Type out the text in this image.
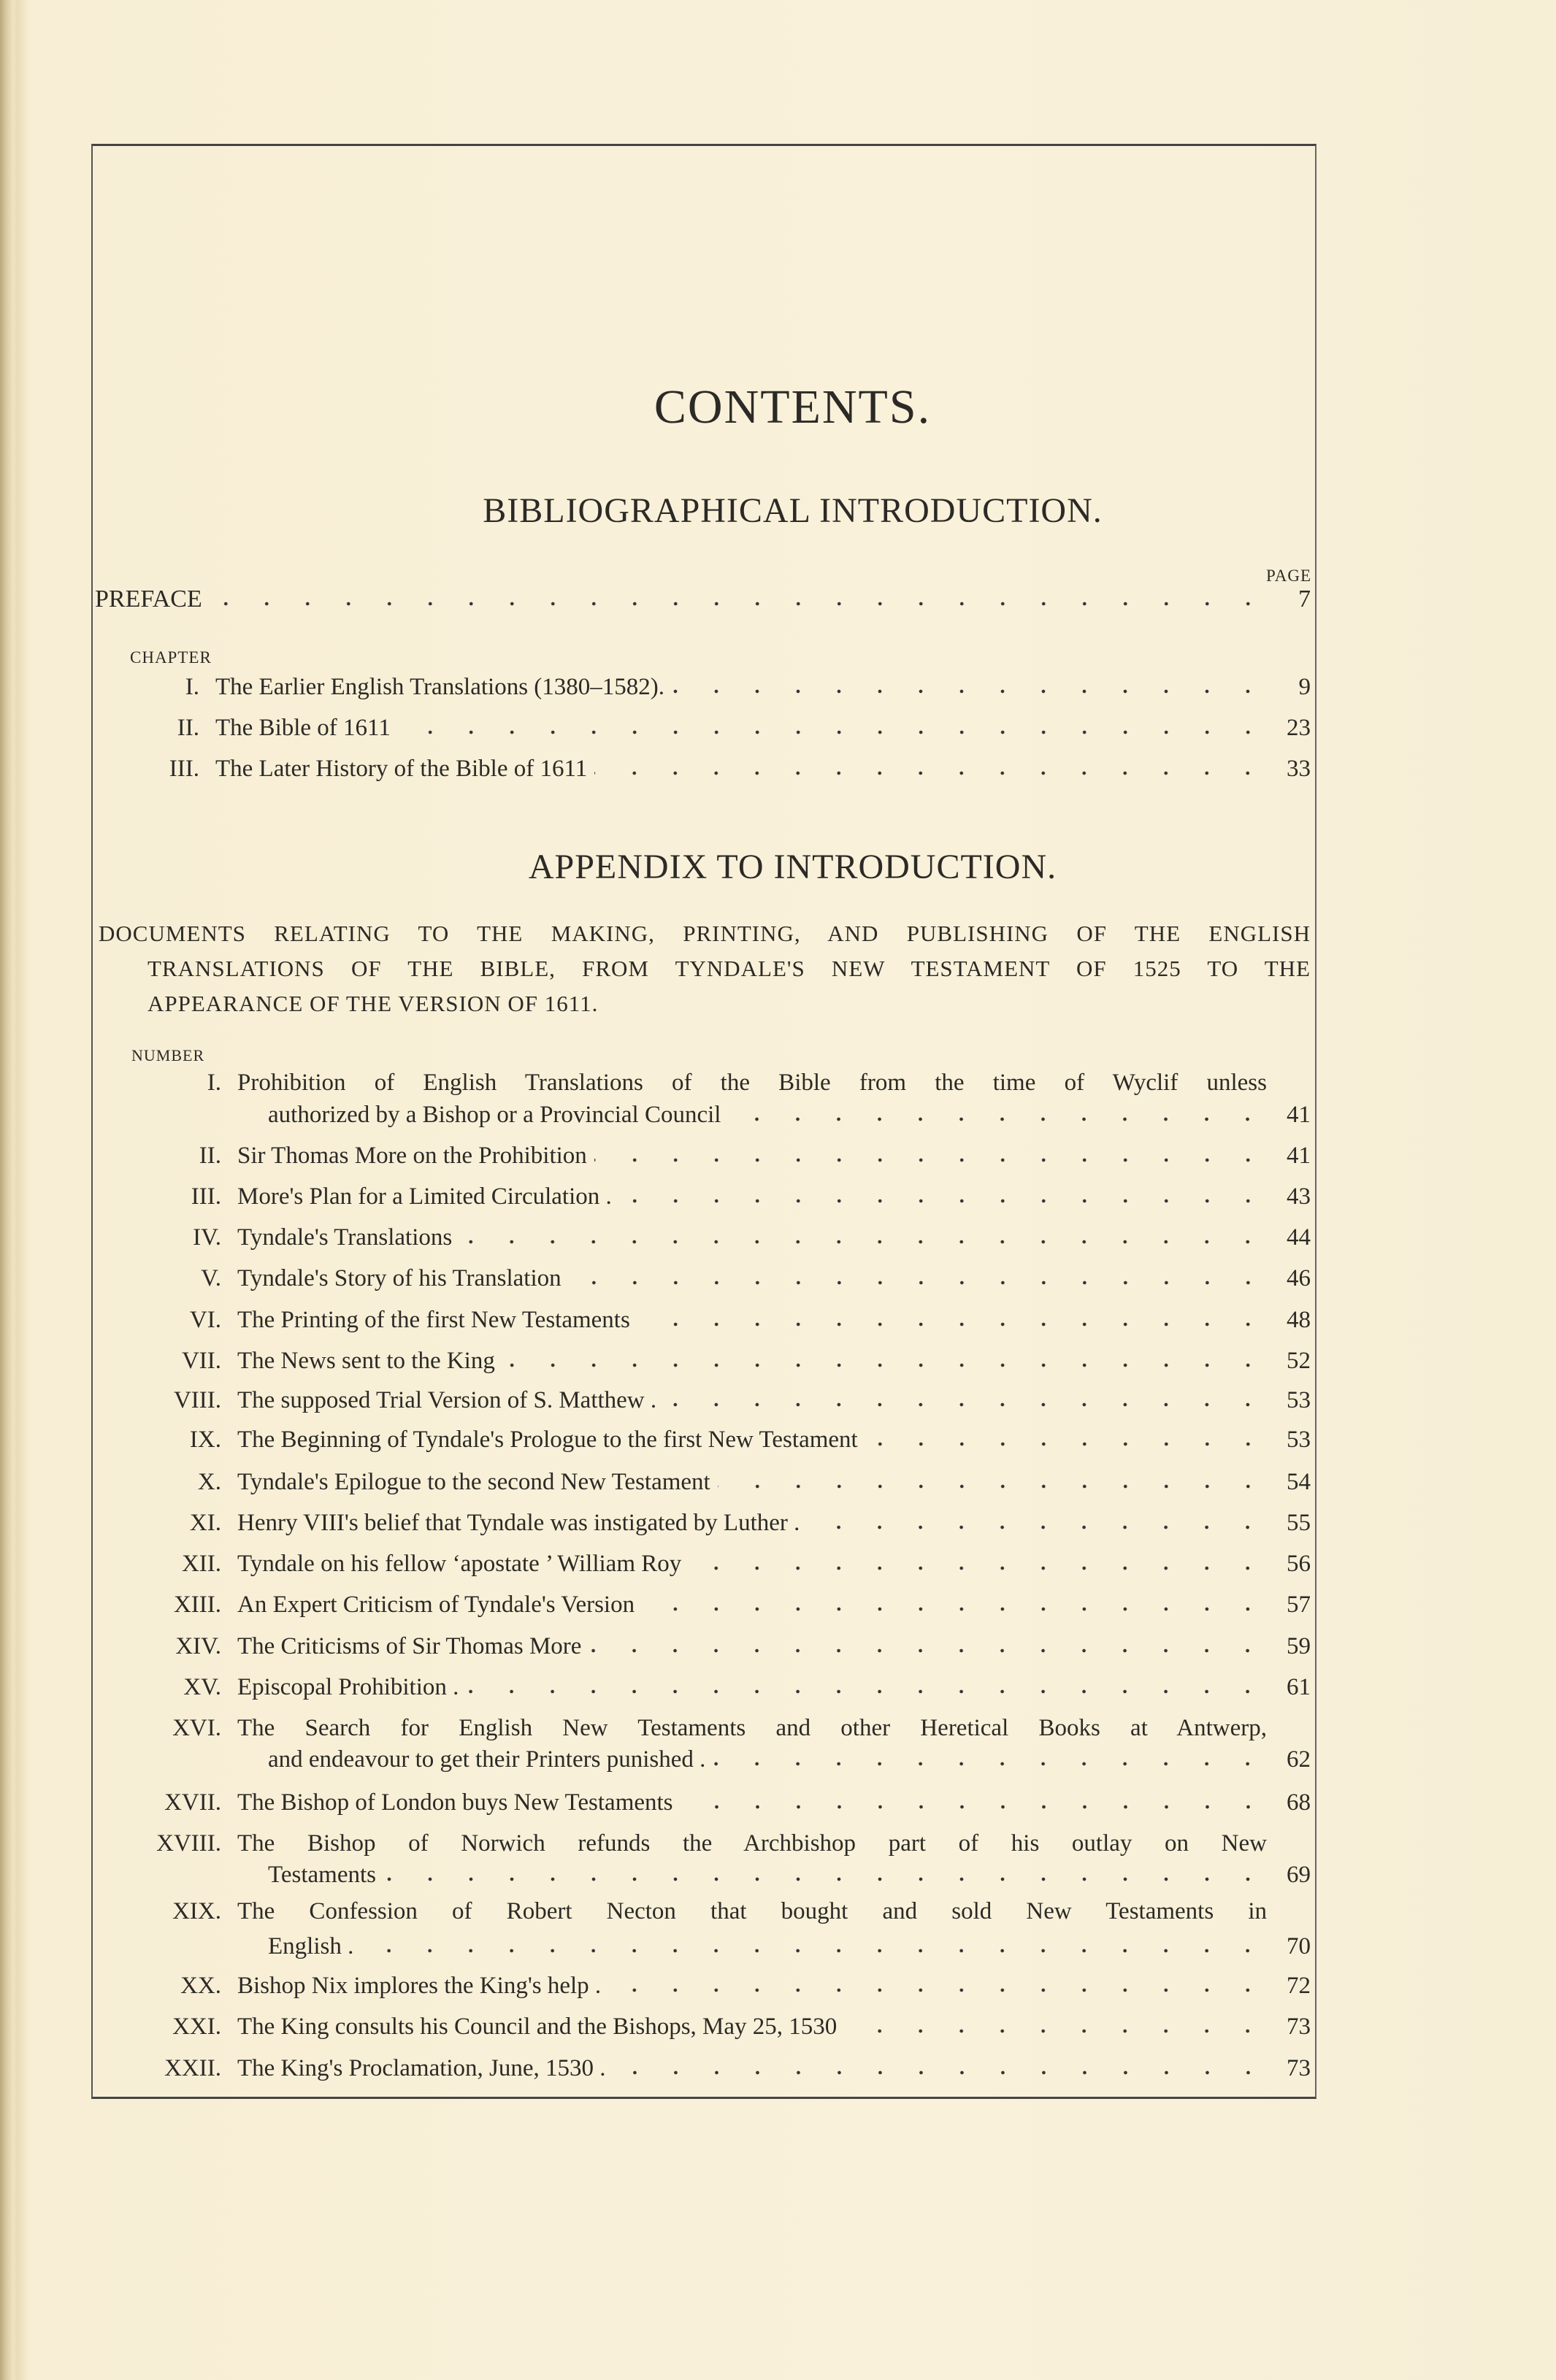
CONTENTS.
BIBLIOGRAPHICAL INTRODUCTION.
PAGE
PREFACE	7
CHAPTER
I. The Earlier English Translations (1380–1582).	9
II. The Bible of 1611	23
III. The Later History of the Bible of 1611	33
APPENDIX TO INTRODUCTION.
DOCUMENTS RELATING TO THE MAKING, PRINTING, AND PUBLISHING OF THE ENGLISH
TRANSLATIONS OF THE BIBLE, FROM TYNDALE'S NEW TESTAMENT OF 1525 TO THE
APPEARANCE OF THE VERSION OF 1611.
NUMBER
I. Prohibition of English Translations of the Bible from the time of Wyclif unless
authorized by a Bishop or a Provincial Council	41
II. Sir Thomas More on the Prohibition	41
III. More's Plan for a Limited Circulation .	43
IV. Tyndale's Translations	44
V. Tyndale's Story of his Translation	46
VI. The Printing of the first New Testaments	48
VII. The News sent to the King	52
VIII. The supposed Trial Version of S. Matthew .	53
IX. The Beginning of Tyndale's Prologue to the first New Testament	53
X. Tyndale's Epilogue to the second New Testament	54
XI. Henry VIII's belief that Tyndale was instigated by Luther .	55
XII. Tyndale on his fellow ‘apostate ’ William Roy	56
XIII. An Expert Criticism of Tyndale's Version	57
XIV. The Criticisms of Sir Thomas More	59
XV. Episcopal Prohibition .	61
XVI. The Search for English New Testaments and other Heretical Books at Antwerp,
and endeavour to get their Printers punished .	62
XVII. The Bishop of London buys New Testaments	68
XVIII. The Bishop of Norwich refunds the Archbishop part of his outlay on New
Testaments	69
XIX. The Confession of Robert Necton that bought and sold New Testaments in
English .	70
XX. Bishop Nix implores the King's help .	72
XXI. The King consults his Council and the Bishops, May 25, 1530	73
XXII. The King's Proclamation, June, 1530 .	73
